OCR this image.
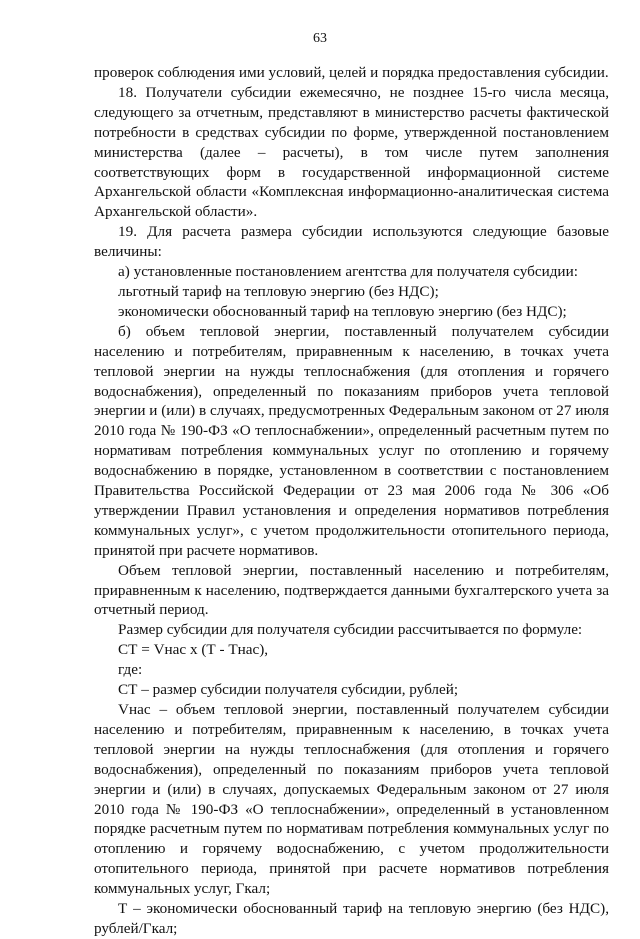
63

проверок соблюдения ими условий, целей и порядка предоставления субсидии.

18. Получатели субсидии ежемесячно, не позднее 15-го числа месяца, следующего за отчетным, представляют в министерство расчеты фактической потребности в средствах субсидии по форме, утвержденной постановлением министерства (далее – расчеты), в том числе путем заполнения соответствующих форм в государственной информационной системе Архангельской области «Комплексная информационно-аналитическая система Архангельской области».

19. Для расчета размера субсидии используются следующие базовые величины:

а) установленные постановлением агентства для получателя субсидии:

льготный тариф на тепловую энергию (без НДС);

экономически обоснованный тариф на тепловую энергию (без НДС);

б) объем тепловой энергии, поставленный получателем субсидии населению и потребителям, приравненным к населению, в точках учета тепловой энергии на нужды теплоснабжения (для отопления и горячего водоснабжения), определенный по показаниям приборов учета тепловой энергии и (или) в случаях, предусмотренных Федеральным законом от 27 июля 2010 года № 190-ФЗ «О теплоснабжении», определенный расчетным путем по нормативам потребления коммунальных услуг по отоплению и горячему водоснабжению в порядке, установленном в соответствии с постановлением Правительства Российской Федерации от 23 мая 2006 года № 306 «Об утверждении Правил установления и определения нормативов потребления коммунальных услуг», с учетом продолжительности отопительного периода, принятой при расчете нормативов.

Объем тепловой энергии, поставленный населению и потребителям, приравненным к населению, подтверждается данными бухгалтерского учета за отчетный период.

Размер субсидии для получателя субсидии рассчитывается по формуле:

СТ = Vнас х (Т - Тнас),

где:

СТ – размер субсидии получателя субсидии, рублей;

Vнас – объем тепловой энергии, поставленный получателем субсидии населению и потребителям, приравненным к населению, в точках учета тепловой энергии на нужды теплоснабжения (для отопления и горячего водоснабжения), определенный по показаниям приборов учета тепловой энергии и (или) в случаях, допускаемых Федеральным законом от 27 июля 2010 года № 190-ФЗ «О теплоснабжении», определенный в установленном порядке расчетным путем по нормативам потребления коммунальных услуг по отоплению и горячему водоснабжению, с учетом продолжительности отопительного периода, принятой при расчете нормативов потребления коммунальных услуг, Гкал;

Т – экономически обоснованный тариф на тепловую энергию (без НДС), рублей/Гкал;
